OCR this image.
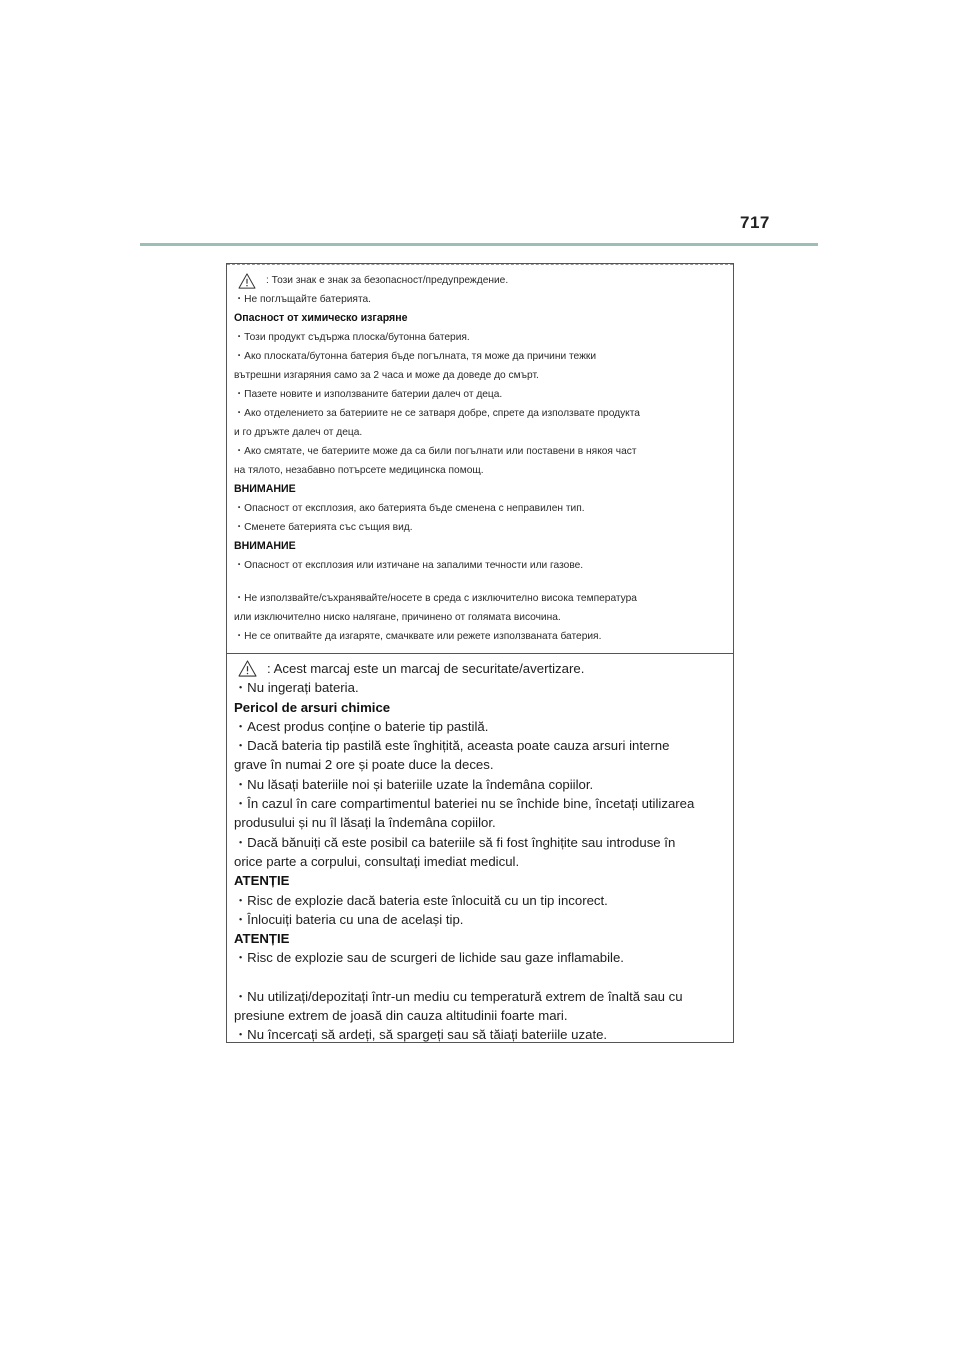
717
: Този знак е знак за безопасност/предупреждение.
・Не поглъщайте батерията.
Опасност от химическо изгаряне
・Този продукт съдържа плоска/бутонна батерия.
・Ако плоската/бутонна батерия бъде погълната, тя може да причини тежки
вътрешни изгаряния само за 2 часа и може да доведе до смърт.
・Пазете новите и използваните батерии далеч от деца.
・Ако отделението за батериите не се затваря добре, спрете да използвате продукта
и го дръжте далеч от деца.
・Ако смятате, че батериите може да са били погълнати или поставени в някоя част
на тялото, незабавно потърсете медицинска помощ.
ВНИМАНИЕ
・Опасност от експлозия, ако батерията бъде сменена с неправилен тип.
・Сменете батерията със същия вид.
ВНИМАНИЕ
・Опасност от експлозия или изтичане на запалими течности или газове.
・Не използвайте/съхранявайте/носете в среда с изключително висока температура
или изключително ниско налягане, причинено от голямата височина.
・Не се опитвайте да изгаряте, смачквате или режете използваната батерия.
: Acest marcaj este un marcaj de securitate/avertizare.
・Nu ingerați bateria.
Pericol de arsuri chimice
・Acest produs conține o baterie tip pastilă.
・Dacă bateria tip pastilă este înghițită, aceasta poate cauza arsuri interne
grave în numai 2 ore și poate duce la deces.
・Nu lăsați bateriile noi și bateriile uzate la îndemâna copiilor.
・În cazul în care compartimentul bateriei nu se închide bine, încetați utilizarea
produsului și nu îl lăsați la îndemâna copiilor.
・Dacă bănuiți că este posibil ca bateriile să fi fost înghițite sau introduse în
orice parte a corpului, consultați imediat medicul.
ATENȚIE
・Risc de explozie dacă bateria este înlocuită cu un tip incorect.
・Înlocuiți bateria cu una de același tip.
ATENȚIE
・Risc de explozie sau de scurgeri de lichide sau gaze inflamabile.
・Nu utilizați/depozitați într-un mediu cu temperatură extrem de înaltă sau cu
presiune extrem de joasă din cauza altitudinii foarte mari.
・Nu încercați să ardeți, să spargeți sau să tăiați bateriile uzate.
